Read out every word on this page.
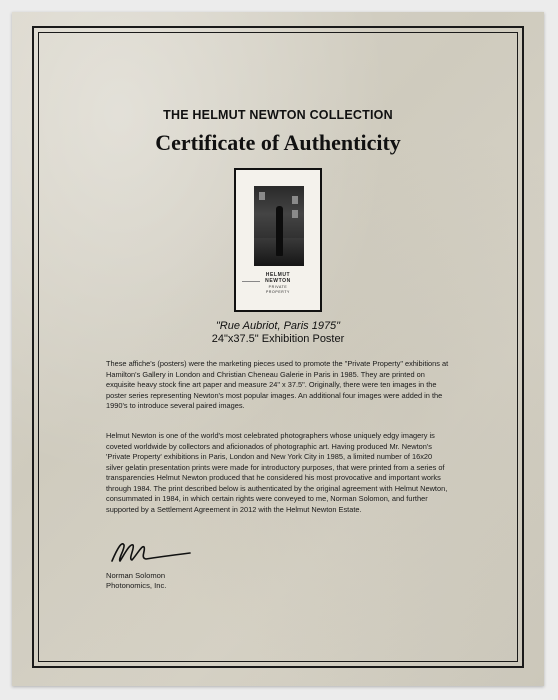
THE HELMUT NEWTON COLLECTION
Certificate of Authenticity
HELMUT
NEWTON
PRIVATE
PROPERTY
"Rue Aubriot, Paris 1975"
24"x37.5" Exhibition Poster

These affiche's (posters) were the marketing pieces used to promote the "Private Property" exhibitions at Hamilton's Gallery in London and Christian Cheneau Galerie in Paris in 1985. They are printed on exquisite heavy stock fine art paper and measure 24" x 37.5". Originally, there were ten images in the poster series representing Newton's most popular images. An additional four images were added in the 1990's to introduce several paired images.

Helmut Newton is one of the world's most celebrated photographers whose uniquely edgy imagery is coveted worldwide by collectors and aficionados of photographic art. Having produced Mr. Newton's 'Private Property' exhibitions in Paris, London and New York City in 1985, a limited number of 16x20 silver gelatin presentation prints were made for introductory purposes, that were printed from a series of transparencies Helmut Newton produced that he considered his most provocative and important works through 1984. The print described below is authenticated by the original agreement with Helmut Newton, consummated in 1984, in which certain rights were conveyed to me, Norman Solomon, and further supported by a Settlement Agreement in 2012 with the Helmut Newton Estate.

Norman Solomon
Photonomics, Inc.
